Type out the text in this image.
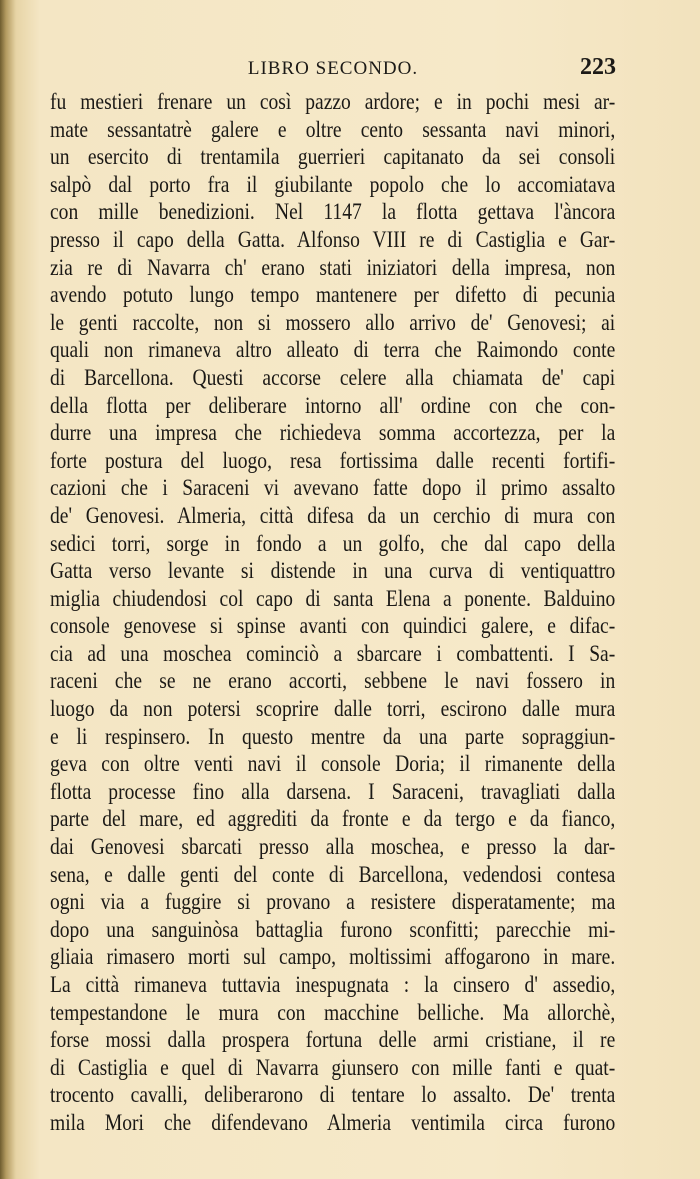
LIBRO SECONDO.	223
fu mestieri frenare un così pazzo ardore; e in pochi mesi ar-
mate sessantatrè galere e oltre cento sessanta navi minori,
un esercito di trentamila guerrieri capitanato da sei consoli
salpò dal porto fra il giubilante popolo che lo accomiatava
con mille benedizioni. Nel 1147 la flotta gettava l'àncora
presso il capo della Gatta. Alfonso VIII re di Castiglia e Gar-
zia re di Navarra ch' erano stati iniziatori della impresa, non
avendo potuto lungo tempo mantenere per difetto di pecunia
le genti raccolte, non si mossero allo arrivo de' Genovesi; ai
quali non rimaneva altro alleato di terra che Raimondo conte
di Barcellona. Questi accorse celere alla chiamata de' capi
della flotta per deliberare intorno all' ordine con che con-
durre una impresa che richiedeva somma accortezza, per la
forte postura del luogo, resa fortissima dalle recenti fortifi-
cazioni che i Saraceni vi avevano fatte dopo il primo assalto
de' Genovesi. Almeria, città difesa da un cerchio di mura con
sedici torri, sorge in fondo a un golfo, che dal capo della
Gatta verso levante si distende in una curva di ventiquattro
miglia chiudendosi col capo di santa Elena a ponente. Balduino
console genovese si spinse avanti con quindici galere, e difac-
cia ad una moschea cominciò a sbarcare i combattenti. I Sa-
raceni che se ne erano accorti, sebbene le navi fossero in
luogo da non potersi scoprire dalle torri, escirono dalle mura
e li respinsero. In questo mentre da una parte sopraggiun-
geva con oltre venti navi il console Doria; il rimanente della
flotta processe fino alla darsena. I Saraceni, travagliati dalla
parte del mare, ed aggrediti da fronte e da tergo e da fianco,
dai Genovesi sbarcati presso alla moschea, e presso la dar-
sena, e dalle genti del conte di Barcellona, vedendosi contesa
ogni via a fuggire si provano a resistere disperatamente; ma
dopo una sanguinòsa battaglia furono sconfitti; parecchie mi-
gliaia rimasero morti sul campo, moltissimi affogarono in mare.
La città rimaneva tuttavia inespugnata : la cinsero d' assedio,
tempestandone le mura con macchine belliche. Ma allorchè,
forse mossi dalla prospera fortuna delle armi cristiane, il re
di Castiglia e quel di Navarra giunsero con mille fanti e quat-
trocento cavalli, deliberarono di tentare lo assalto. De' trenta
mila Mori che difendevano Almeria ventimila circa furono
